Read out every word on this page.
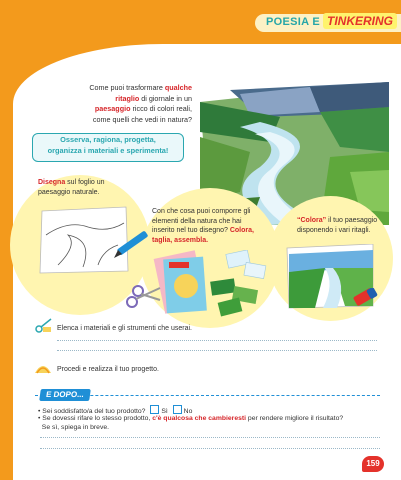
POESIA E TINKERING
UN PAESAGGIO VERO
Come puoi trasformare qualche ritaglio di giornale in un paesaggio ricco di colori reali, come quelli che vedi in natura?
Osserva, ragiona, progetta,
organizza i materiali e sperimenta!
Disegna sul foglio un paesaggio naturale.
Con che cosa puoi comporre gli elementi della natura che hai inserito nel tuo disegno? Colora, taglia, assembla.
“Colora” il tuo paesaggio disponendo i vari ritagli.
Elenca i materiali e gli strumenti che userai.
Procedi e realizza il tuo progetto.
E DOPO...
• Sei soddisfatto/a del tuo prodotto? Sì No
• Se dovessi rifare lo stesso prodotto, c'è qualcosa che cambieresti per rendere migliore il risultato?
Se sì, spiega in breve.
159
